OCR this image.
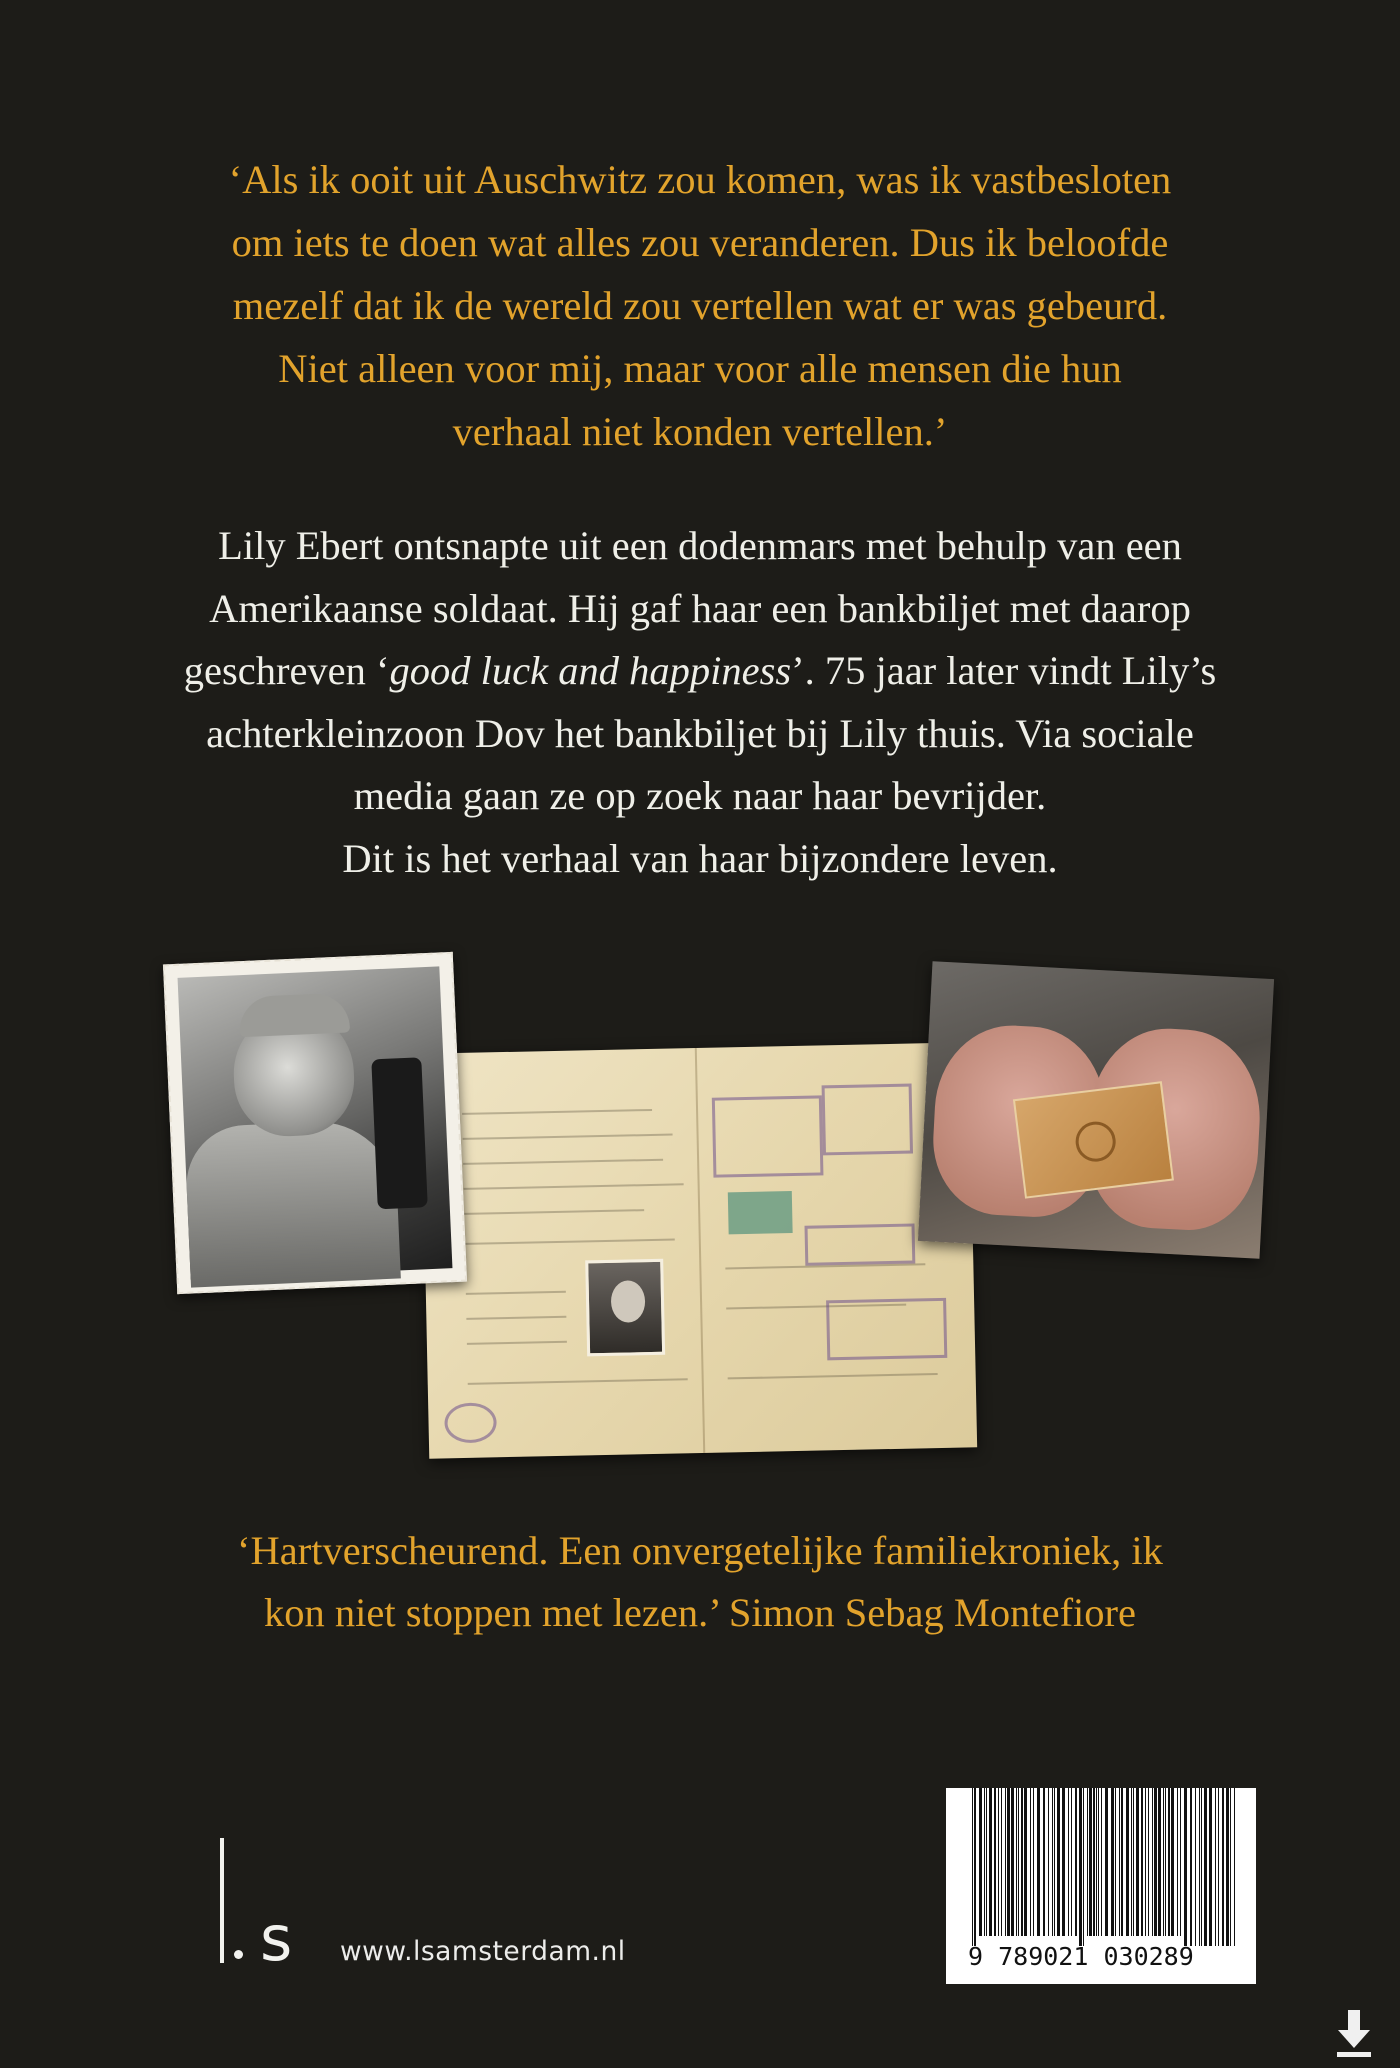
‘Als ik ooit uit Auschwitz zou komen, was ik vastbesloten
om iets te doen wat alles zou veranderen. Dus ik beloofde
mezelf dat ik de wereld zou vertellen wat er was gebeurd.
Niet alleen voor mij, maar voor alle mensen die hun
verhaal niet konden vertellen.’
Lily Ebert ontsnapte uit een dodenmars met behulp van een
Amerikaanse soldaat. Hij gaf haar een bankbiljet met daarop
geschreven ‘good luck and happiness’. 75 jaar later vindt Lily’s
achterkleinzoon Dov het bankbiljet bij Lily thuis. Via sociale
media gaan ze op zoek naar haar bevrijder.
Dit is het verhaal van haar bijzondere leven.
‘Hartverscheurend. Een onvergetelijke familiekroniek, ik
kon niet stoppen met lezen.’ Simon Sebag Montefiore
s www.lsamsterdam.nl	9 789021 030289
